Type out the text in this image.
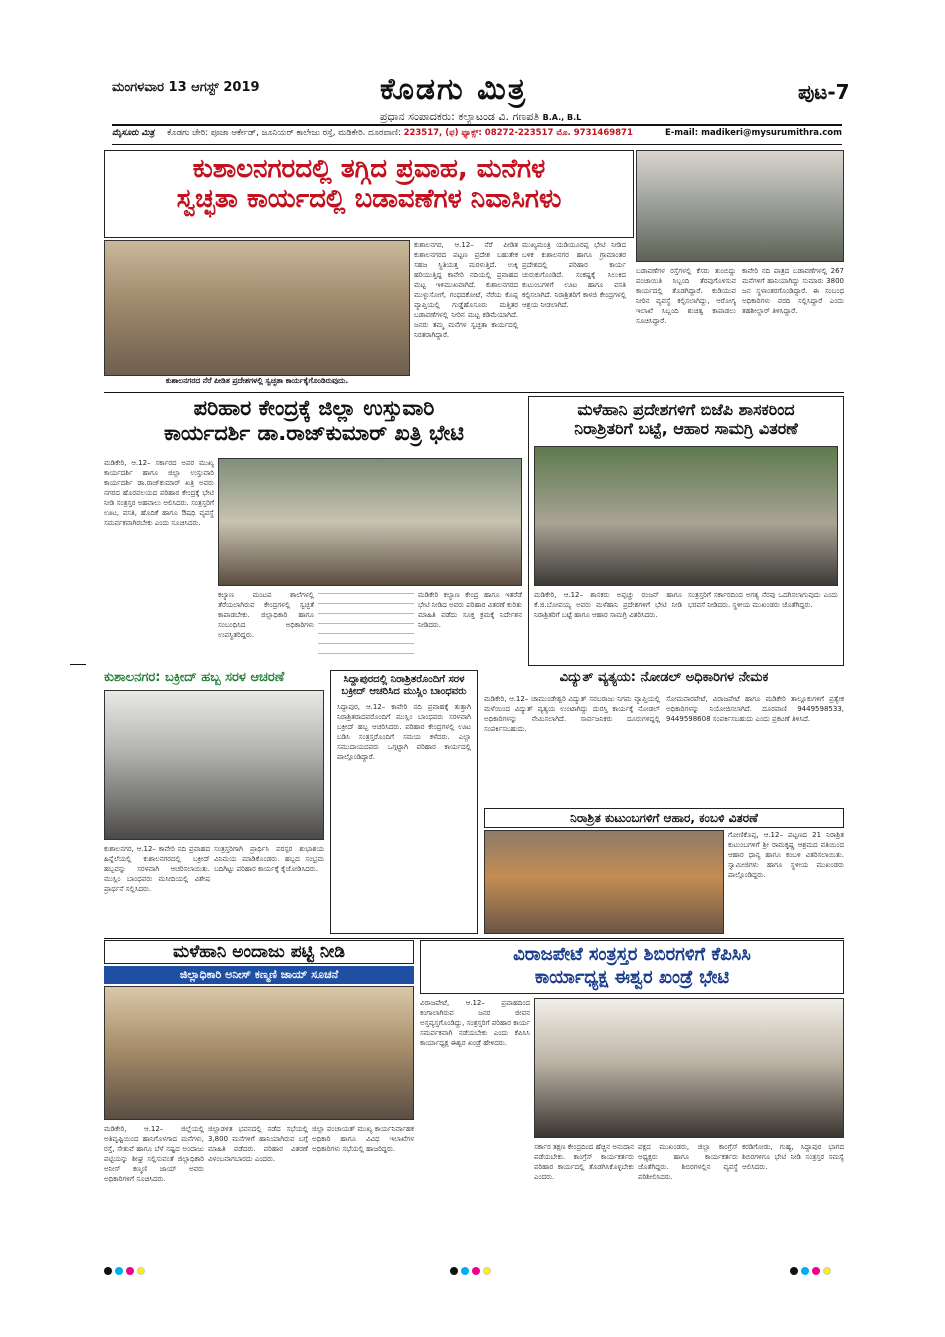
ಮಂಗಳವಾರ 13 ಆಗಸ್ಟ್ 2019	ಕೊಡಗು ಮಿತ್ರ
ಪ್ರಧಾನ ಸಂಪಾದಕರು: ಕಲ್ಯಾಟಂಡ ವಿ. ಗಣಪತಿ B.A., B.L
ಪುಟ-7
ಮೈಸೂರು ಮಿತ್ರ ಕೊಡಗು ಚೇರಿ: ಪೂಜಾ ಆರ್ಕೇಡ್, ಜೂನಿಯರ್ ಕಾಲೇಜು ರಸ್ತೆ, ಮಡಿಕೇರಿ. ದೂರವಾಣಿ: 223517, (ಫ) ಫ್ಯಾಕ್ಸ್: 08272-223517 ಮೊ. 9731469871	E-mail: madikeri@mysurumithra.com
ಕುಶಾಲನಗರದಲ್ಲಿ ತಗ್ಗಿದ ಪ್ರವಾಹ, ಮನೆಗಳ
ಸ್ವಚ್ಛತಾ ಕಾರ್ಯದಲ್ಲಿ ಬಡಾವಣೆಗಳ ನಿವಾಸಿಗಳು
ಕುಶಾಲನಗರದ ನೆರೆ ಪೀಡಿತ ಪ್ರದೇಶಗಳಲ್ಲಿ ಸ್ವಚ್ಛತಾ ಕಾರ್ಯಕೈಗೊಂಡಿರುವುದು.
ಕುಶಾಲನಗರ, ಆ.12– ನೆರೆ ಪೀಡಿತ ಕುಶಾಲನಗರದ ಪಟ್ಟಣ ಪ್ರದೇಶ ಬಹುತೇಕ ಸಹಜ ಸ್ಥಿತಿಯತ್ತ ಮರಳುತ್ತಿದೆ. ಉಕ್ಕಿ ಹರಿಯುತ್ತಿದ್ದ ಕಾವೇರಿ ನದಿಯಲ್ಲಿ ಪ್ರವಾಹದ ಮಟ್ಟ ಇಳಿಮುಖವಾಗಿದೆ. ಕುಶಾಲನಗರದ ಮುಳ್ಳುಸೋಗೆ, ಗಂಧದಕೋಟೆ, ನೆರೆಯ ಕೊಪ್ಪ ವ್ಯಾಪ್ತಿಯಲ್ಲಿ ಗುಡ್ಡೆಹೊಸೂರು ಮತ್ತಿತರ ಬಡಾವಣೆಗಳಲ್ಲಿ ನೀರಿನ ಮಟ್ಟ ಕಡಿಮೆಯಾಗಿದೆ. ಜನರು ತಮ್ಮ ಮನೆಗಳ ಸ್ವಚ್ಛತಾ ಕಾರ್ಯದಲ್ಲಿ ನಿರತರಾಗಿದ್ದಾರೆ.
ಮುಖ್ಯಮಂತ್ರಿ ಯಡಿಯೂರಪ್ಪ ಭೇಟಿ ನೀಡಿದ ಬಳಿಕ ಕುಶಾಲನಗರ ಹಾಗೂ ಗ್ರಾಮಾಂತರ ಪ್ರದೇಶದಲ್ಲಿ ಪರಿಹಾರ ಕಾರ್ಯ ಚುರುಕುಗೊಂಡಿದೆ. ಸಂಕಷ್ಟಕ್ಕೆ ಸಿಲುಕಿದ ಕುಟುಂಬಗಳಿಗೆ ಊಟ ಹಾಗೂ ವಸತಿ ಕಲ್ಪಿಸಲಾಗಿದೆ. ನಿರಾಶ್ರಿತರಿಗೆ ಕಾಳಜಿ ಕೇಂದ್ರಗಳಲ್ಲಿ ಆಶ್ರಯ ನೀಡಲಾಗಿದೆ.
ಬಡಾವಣೆಗಳ ರಸ್ತೆಗಳಲ್ಲಿ ಕೆಸರು ತುಂಬಿದ್ದು ಪಂಚಾಯಿತಿ ಸಿಬ್ಬಂದಿ ತೆರವುಗೊಳಿಸುವ ಕಾರ್ಯದಲ್ಲಿ ತೊಡಗಿದ್ದಾರೆ. ಕುಡಿಯುವ ನೀರಿನ ವ್ಯವಸ್ಥೆ ಕಲ್ಪಿಸಲಾಗಿದ್ದು, ಆರೋಗ್ಯ ಇಲಾಖೆ ಸಿಬ್ಬಂದಿ ಶುಚಿತ್ವ ಕಾಪಾಡಲು ಸೂಚಿಸಿದ್ದಾರೆ.
ಕಾವೇರಿ ನದಿ ಪಾತ್ರದ ಬಡಾವಣೆಗಳಲ್ಲಿ 267 ಮನೆಗಳಿಗೆ ಹಾನಿಯಾಗಿದ್ದು ಸುಮಾರು 3800 ಜನ ಸ್ಥಳಾಂತರಗೊಂಡಿದ್ದಾರೆ. ಈ ಸಂಬಂಧ ಅಧಿಕಾರಿಗಳು ವರದಿ ಸಲ್ಲಿಸಿದ್ದಾರೆ ಎಂದು ತಹಶೀಲ್ದಾರ್ ತಿಳಿಸಿದ್ದಾರೆ.
ಪರಿಹಾರ ಕೇಂದ್ರಕ್ಕೆ ಜಿಲ್ಲಾ ಉಸ್ತುವಾರಿ
ಕಾರ್ಯದರ್ಶಿ ಡಾ.ರಾಜ್‌ಕುಮಾರ್ ಖತ್ರಿ ಭೇಟಿ
ಮಡಿಕೇರಿ, ಆ.12– ಸರ್ಕಾರದ ಅಪರ ಮುಖ್ಯ ಕಾರ್ಯದರ್ಶಿ ಹಾಗೂ ಜಿಲ್ಲಾ ಉಸ್ತುವಾರಿ ಕಾರ್ಯದರ್ಶಿ ಡಾ.ರಾಜ್‌ಕುಮಾರ್ ಖತ್ರಿ ಅವರು ನಗರದ ಹೊರವಲಯದ ಪರಿಹಾರ ಕೇಂದ್ರಕ್ಕೆ ಭೇಟಿ ನೀಡಿ ಸಂತ್ರಸ್ತರ ಅಹವಾಲು ಆಲಿಸಿದರು. ಸಂತ್ರಸ್ತರಿಗೆ ಊಟ, ವಸತಿ, ಹೊದಿಕೆ ಹಾಗೂ ಔಷಧಿ ವ್ಯವಸ್ಥೆ ಸಮರ್ಪಕವಾಗಿರಬೇಕು ಎಂದು ಸೂಚಿಸಿದರು.
ಕಲ್ಯಾಣ ಮಂಟಪ ಶಾಲೆಗಳಲ್ಲಿ ತೆರೆಯಲಾಗಿರುವ ಕೇಂದ್ರಗಳಲ್ಲಿ ಸ್ವಚ್ಛತೆ ಕಾಪಾಡಬೇಕು. ಜಿಲ್ಲಾಧಿಕಾರಿ ಹಾಗೂ ಸಂಬಂಧಿಸಿದ ಅಧಿಕಾರಿಗಳು ಉಪಸ್ಥಿತರಿದ್ದರು.
ಮಡಿಕೇರಿ ಕಲ್ಯಾಣ ಕೇಂದ್ರ ಹಾಗೂ ಇತರೆಡೆ ಭೇಟಿ ನೀಡಿದ ಅವರು ಪರಿಹಾರ ವಿತರಣೆ ಕುರಿತು ಮಾಹಿತಿ ಪಡೆದು ಸೂಕ್ತ ಕ್ರಮಕ್ಕೆ ನಿರ್ದೇಶನ ನೀಡಿದರು.
ಮಳೆಹಾನಿ ಪ್ರದೇಶಗಳಿಗೆ ಬಿಜೆಪಿ ಶಾಸಕರಿಂದ
ನಿರಾಶ್ರಿತರಿಗೆ ಬಟ್ಟೆ, ಆಹಾರ ಸಾಮಗ್ರಿ ವಿತರಣೆ
ಮಡಿಕೇರಿ, ಆ.12– ಶಾಸಕರು ಅಪ್ಪಚ್ಚು ರಂಜನ್ ಹಾಗೂ ಕೆ.ಜಿ.ಬೋಪಯ್ಯ ಅವರು ಮಳೆಹಾನಿ ಪ್ರದೇಶಗಳಿಗೆ ಭೇಟಿ ನೀಡಿ ನಿರಾಶ್ರಿತರಿಗೆ ಬಟ್ಟೆ ಹಾಗೂ ಆಹಾರ ಸಾಮಗ್ರಿ ವಿತರಿಸಿದರು.
ಸಂತ್ರಸ್ತರಿಗೆ ಸರ್ಕಾರದಿಂದ ಅಗತ್ಯ ನೆರವು ಒದಗಿಸಲಾಗುವುದು ಎಂದು ಭರವಸೆ ನೀಡಿದರು. ಸ್ಥಳೀಯ ಮುಖಂಡರು ಜೊತೆಗಿದ್ದರು.
ಕುಶಾಲನಗರ: ಬಕ್ರೀದ್ ಹಬ್ಬ ಸರಳ ಆಚರಣೆ
ಕುಶಾಲನಗರ, ಆ.12– ಕಾವೇರಿ ನದಿ ಪ್ರವಾಹದ ಹಿನ್ನೆಲೆಯಲ್ಲಿ ಕುಶಾಲನಗರದಲ್ಲಿ ಬಕ್ರೀದ್ ಹಬ್ಬವನ್ನು ಸರಳವಾಗಿ ಆಚರಿಸಲಾಯಿತು. ಮುಸ್ಲಿಂ ಬಾಂಧವರು ಮಸೀದಿಯಲ್ಲಿ ವಿಶೇಷ ಪ್ರಾರ್ಥನೆ ಸಲ್ಲಿಸಿದರು.
ಸಂತ್ರಸ್ತರಿಗಾಗಿ ಪ್ರಾರ್ಥಿಸಿ ಪರಸ್ಪರ ಶುಭಾಶಯ ವಿನಿಮಯ ಮಾಡಿಕೊಂಡರು. ಹಬ್ಬದ ಸಂಭ್ರಮ ಬದಿಗಿಟ್ಟು ಪರಿಹಾರ ಕಾರ್ಯಕ್ಕೆ ಕೈಜೋಡಿಸಿದರು.
ಸಿದ್ದಾಪುರದಲ್ಲಿ ನಿರಾಶ್ರಿತರೊಂದಿಗೆ ಸರಳ ಬಕ್ರೀದ್ ಆಚರಿಸಿದ ಮುಸ್ಲಿಂ ಬಾಂಧವರು
ಸಿದ್ದಾಪುರ, ಆ.12– ಕಾವೇರಿ ನದಿ ಪ್ರವಾಹಕ್ಕೆ ತುತ್ತಾಗಿ ನಿರಾಶ್ರಿತರಾದವರೊಂದಿಗೆ ಮುಸ್ಲಿಂ ಬಾಂಧವರು ಸರಳವಾಗಿ ಬಕ್ರೀದ್ ಹಬ್ಬ ಆಚರಿಸಿದರು. ಪರಿಹಾರ ಕೇಂದ್ರಗಳಲ್ಲಿ ಊಟ ಬಡಿಸಿ ಸಂತ್ರಸ್ತರೊಂದಿಗೆ ಸಮಯ ಕಳೆದರು. ಎಲ್ಲಾ ಸಮುದಾಯದವರು ಒಗ್ಗಟ್ಟಾಗಿ ಪರಿಹಾರ ಕಾರ್ಯದಲ್ಲಿ ಪಾಲ್ಗೊಂಡಿದ್ದಾರೆ.
ವಿದ್ಯುತ್ ವ್ಯತ್ಯಯ: ನೋಡಲ್ ಅಧಿಕಾರಿಗಳ ನೇಮಕ
ಮಡಿಕೇರಿ, ಆ.12– ಚಾಮುಂಡೇಶ್ವರಿ ವಿದ್ಯುತ್ ಸರಬರಾಜು ನಿಗಮ ವ್ಯಾಪ್ತಿಯಲ್ಲಿ ಮಳೆಯಿಂದ ವಿದ್ಯುತ್ ವ್ಯತ್ಯಯ ಉಂಟಾಗಿದ್ದು ದುರಸ್ತಿ ಕಾರ್ಯಕ್ಕೆ ನೋಡಲ್ ಅಧಿಕಾರಿಗಳನ್ನು ನೇಮಿಸಲಾಗಿದೆ. ಸಾರ್ವಜನಿಕರು ದೂರುಗಳಿದ್ದಲ್ಲಿ ಸಂಪರ್ಕಿಸಬಹುದು.
ಸೋಮವಾರಪೇಟೆ, ವಿರಾಜಪೇಟೆ ಹಾಗೂ ಮಡಿಕೇರಿ ತಾಲ್ಲೂಕುಗಳಿಗೆ ಪ್ರತ್ಯೇಕ ಅಧಿಕಾರಿಗಳನ್ನು ನಿಯೋಜಿಸಲಾಗಿದೆ. ದೂರವಾಣಿ 9449598533, 9449598608 ಸಂಪರ್ಕಿಸಬಹುದು ಎಂದು ಪ್ರಕಟಣೆ ತಿಳಿಸಿದೆ.
ನಿರಾಶ್ರಿತ ಕುಟುಂಬಗಳಿಗೆ ಆಹಾರ, ಕಂಬಳಿ ವಿತರಣೆ
ಗೋಣಿಕೊಪ್ಪ, ಆ.12– ಪಟ್ಟಣದ 21 ನಿರಾಶ್ರಿತ ಕುಟುಂಬಗಳಿಗೆ ಶ್ರೀ ರಾಮಕೃಷ್ಣ ಆಶ್ರಮದ ವತಿಯಿಂದ ಆಹಾರ ಧಾನ್ಯ ಹಾಗೂ ಕಂಬಳಿ ವಿತರಿಸಲಾಯಿತು. ಸ್ವಾಮೀಜಿಗಳು ಹಾಗೂ ಸ್ಥಳೀಯ ಮುಖಂಡರು ಪಾಲ್ಗೊಂಡಿದ್ದರು.
ಮಳೆಹಾನಿ ಅಂದಾಜು ಪಟ್ಟಿ ನೀಡಿ
ಜಿಲ್ಲಾಧಿಕಾರಿ ಅನೀಸ್ ಕಣ್ಮಣಿ ಜಾಯ್ ಸೂಚನೆ
ಮಡಿಕೇರಿ, ಆ.12– ಜಿಲ್ಲೆಯಲ್ಲಿ ಅತಿವೃಷ್ಟಿಯಿಂದ ಹಾನಿಗೊಳಗಾದ ಮನೆಗಳು, ರಸ್ತೆ, ಸೇತುವೆ ಹಾಗೂ ಬೆಳೆ ನಷ್ಟದ ಅಂದಾಜು ಪಟ್ಟಿಯನ್ನು ಶೀಘ್ರ ಸಲ್ಲಿಸುವಂತೆ ಜಿಲ್ಲಾಧಿಕಾರಿ ಅನೀಸ್ ಕಣ್ಮಣಿ ಜಾಯ್ ಅವರು ಅಧಿಕಾರಿಗಳಿಗೆ ಸೂಚಿಸಿದರು.
ಜಿಲ್ಲಾಡಳಿತ ಭವನದಲ್ಲಿ ನಡೆದ ಸಭೆಯಲ್ಲಿ 3,800 ಮನೆಗಳಿಗೆ ಹಾನಿಯಾಗಿರುವ ಬಗ್ಗೆ ಮಾಹಿತಿ ಪಡೆದರು. ಪರಿಹಾರ ವಿತರಣೆ ವಿಳಂಬವಾಗಬಾರದು ಎಂದರು.
ಜಿಲ್ಲಾ ಪಂಚಾಯತ್ ಮುಖ್ಯ ಕಾರ್ಯನಿರ್ವಾಹಕ ಅಧಿಕಾರಿ ಹಾಗೂ ವಿವಿಧ ಇಲಾಖೆಗಳ ಅಧಿಕಾರಿಗಳು ಸಭೆಯಲ್ಲಿ ಹಾಜರಿದ್ದರು.
ವಿರಾಜಪೇಟೆ ಸಂತ್ರಸ್ತರ ಶಿಬಿರಗಳಿಗೆ ಕೆಪಿಸಿಸಿ
ಕಾರ್ಯಾಧ್ಯಕ್ಷ ಈಶ್ವರ ಖಂಡ್ರೆ ಭೇಟಿ
ವಿರಾಜಪೇಟೆ, ಆ.12– ಪ್ರವಾಹದಿಂದ ಕಂಗಾಲಾಗಿರುವ ಜನರ ಜೀವನ ಅಸ್ತವ್ಯಸ್ತಗೊಂಡಿದ್ದು, ಸಂತ್ರಸ್ತರಿಗೆ ಪರಿಹಾರ ಕಾರ್ಯ ಸಮರ್ಪಕವಾಗಿ ನಡೆಯಬೇಕು ಎಂದು ಕೆಪಿಸಿಸಿ ಕಾರ್ಯಾಧ್ಯಕ್ಷ ಈಶ್ವರ ಖಂಡ್ರೆ ಹೇಳಿದರು.
ಸರ್ಕಾರ ತಕ್ಷಣ ಕೇಂದ್ರದಿಂದ ಹೆಚ್ಚಿನ ಅನುದಾನ ಪಡೆಯಬೇಕು. ಕಾಂಗ್ರೆಸ್ ಕಾರ್ಯಕರ್ತರು ಪರಿಹಾರ ಕಾರ್ಯದಲ್ಲಿ ತೊಡಗಿಸಿಕೊಳ್ಳಬೇಕು ಎಂದರು.
ಪಕ್ಷದ ಮುಖಂಡರು, ಜಿಲ್ಲಾ ಕಾಂಗ್ರೆಸ್ ಅಧ್ಯಕ್ಷರು ಹಾಗೂ ಕಾರ್ಯಕರ್ತರು ಜೊತೆಗಿದ್ದರು. ಶಿಬಿರಗಳಲ್ಲಿನ ವ್ಯವಸ್ಥೆ ಪರಿಶೀಲಿಸಿದರು.
ಕರಡಿಗೋಡು, ಗುಹ್ಯ, ಸಿದ್ದಾಪುರ ಭಾಗದ ಶಿಬಿರಗಳಿಗೂ ಭೇಟಿ ನೀಡಿ ಸಂತ್ರಸ್ತರ ಸಮಸ್ಯೆ ಆಲಿಸಿದರು.
